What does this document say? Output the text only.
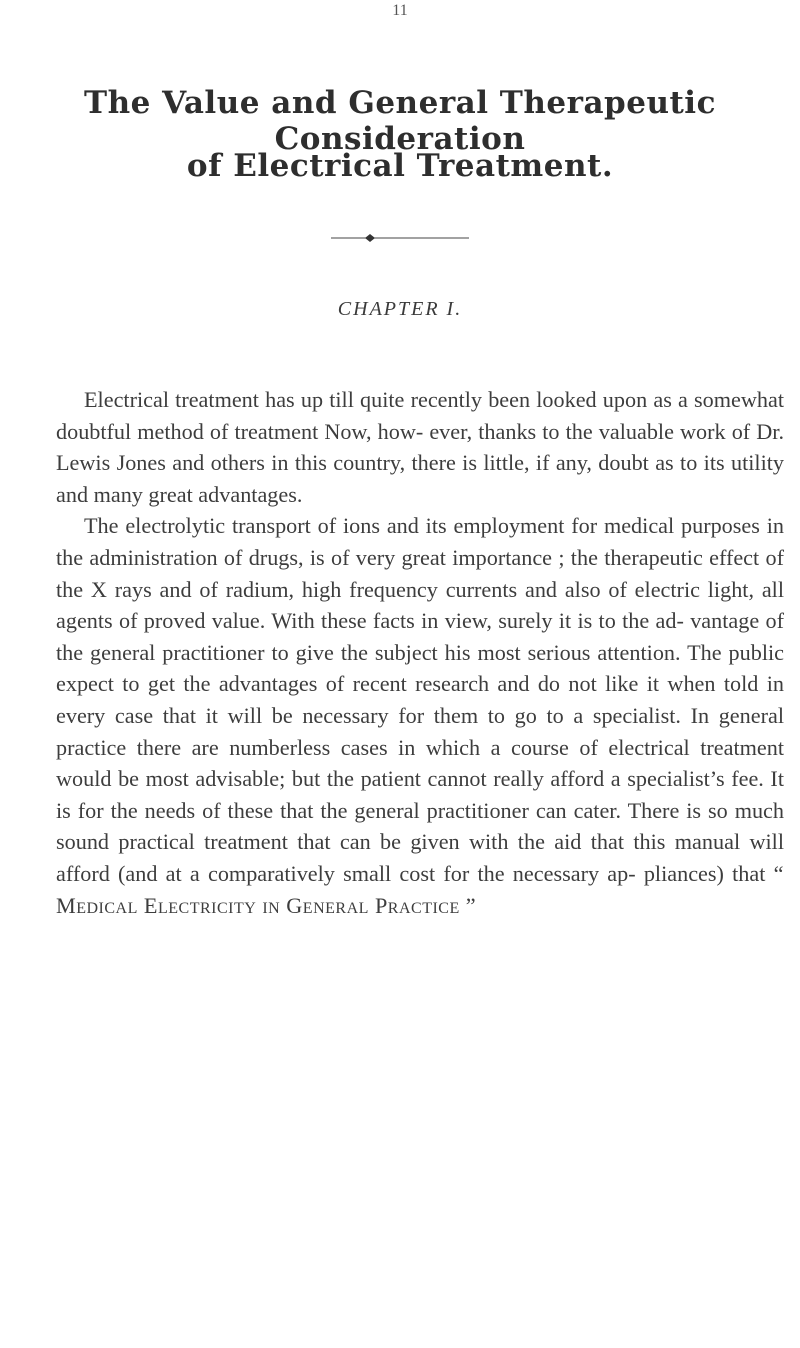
11
The Value and General Therapeutic Consideration
of Electrical Treatment.
CHAPTER I.

Electrical treatment has up till quite recently been looked upon as a somewhat doubtful method of treatment Now, how- ever, thanks to the valuable work of Dr. Lewis Jones and others in this country, there is little, if any, doubt as to its utility and many great advantages.

The electrolytic transport of ions and its employment for medical purposes in the administration of drugs, is of very great importance ; the therapeutic effect of the X rays and of radium, high frequency currents and also of electric light, all agents of proved value. With these facts in view, surely it is to the ad- vantage of the general practitioner to give the subject his most serious attention. The public expect to get the advantages of recent research and do not like it when told in every case that it will be necessary for them to go to a specialist. In general practice there are numberless cases in which a course of electrical treatment would be most advisable; but the patient cannot really afford a specialist’s fee. It is for the needs of these that the general practitioner can cater. There is so much sound practical treatment that can be given with the aid that this manual will afford (and at a comparatively small cost for the necessary ap- pliances) that “ Medical Electricity in General Practice ”
